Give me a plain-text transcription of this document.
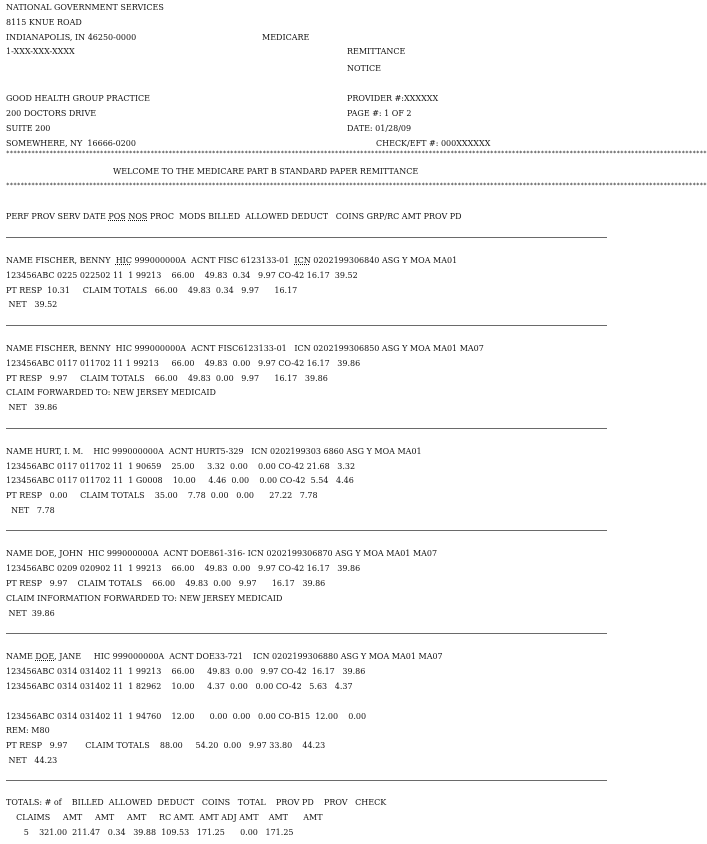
NATIONAL GOVERNMENT SERVICES
8115 KNUE ROAD
INDIANAPOLIS, IN 46250-0000	MEDICARE
1-XXX-XXX-XXXX	REMITTANCE
NOTICE
GOOD HEALTH GROUP PRACTICE	PROVIDER #:XXXXXX
200 DOCTORS DRIVE	PAGE #: 1 OF 2
SUITE 200	DATE: 01/28/09
SOMEWHERE, NY  16666-0200	CHECK/EFT #: 000XXXXXX
**************************************************************************************************************************************************************************************************
WELCOME TO THE MEDICARE PART B STANDARD PAPER REMITTANCE
**************************************************************************************************************************************************************************************************
PERF PROV SERV DATE POS NOS PROC  MODS BILLED  ALLOWED DEDUCT   COINS GRP/RC AMT PROV PD
NAME FISCHER, BENNY  HIC 999000000A  ACNT FISC 6123133-01  ICN 0202199306840 ASG Y MOA MA01
123456ABC 0225 022502 11  1 99213    66.00    49.83  0.34   9.97 CO-42 16.17  39.52
PT RESP  10.31     CLAIM TOTALS   66.00    49.83  0.34   9.97      16.17
NET   39.52
NAME FISCHER, BENNY  HIC 999000000A  ACNT FISC6123133-01   ICN 0202199306850 ASG Y MOA MA01 MA07
123456ABC 0117 011702 11 1 99213     66.00    49.83  0.00   9.97 CO-42 16.17   39.86
PT RESP   9.97     CLAIM TOTALS    66.00    49.83  0.00   9.97      16.17   39.86
CLAIM FORWARDED TO: NEW JERSEY MEDICAID
NET   39.86
NAME HURT, I. M.    HIC 999000000A  ACNT HURT5-329   ICN 0202199303 6860 ASG Y MOA MA01
123456ABC 0117 011702 11  1 90659    25.00     3.32  0.00    0.00 CO-42 21.68   3.32
123456ABC 0117 011702 11  1 G0008    10.00     4.46  0.00    0.00 CO-42  5.54   4.46
PT RESP   0.00     CLAIM TOTALS    35.00    7.78  0.00   0.00      27.22   7.78
NET   7.78
NAME DOE, JOHN  HIC 999000000A  ACNT DOE861-316- ICN 0202199306870 ASG Y MOA MA01 MA07
123456ABC 0209 020902 11  1 99213    66.00    49.83  0.00   9.97 CO-42 16.17   39.86
PT RESP   9.97    CLAIM TOTALS    66.00    49.83  0.00   9.97      16.17   39.86
CLAIM INFORMATION FORWARDED TO: NEW JERSEY MEDICAID
NET  39.86
NAME DOE, JANE     HIC 999000000A  ACNT DOE33-721    ICN 0202199306880 ASG Y MOA MA01 MA07
123456ABC 0314 031402 11  1 99213    66.00     49.83  0.00   9.97 CO-42  16.17   39.86
123456ABC 0314 031402 11  1 82962    10.00     4.37  0.00   0.00 CO-42   5.63   4.37
123456ABC 0314 031402 11  1 94760    12.00      0.00  0.00   0.00 CO-B15  12.00    0.00
REM: M80
PT RESP   9.97       CLAIM TOTALS    88.00     54.20  0.00   9.97 33.80    44.23
NET   44.23
TOTALS: # of    BILLED  ALLOWED  DEDUCT   COINS   TOTAL    PROV PD    PROV   CHECK
CLAIMS     AMT     AMT     AMT     RC AMT.  AMT ADJ AMT    AMT      AMT
5    321.00  211.47   0.34   39.88  109.53   171.25      0.00   171.25
